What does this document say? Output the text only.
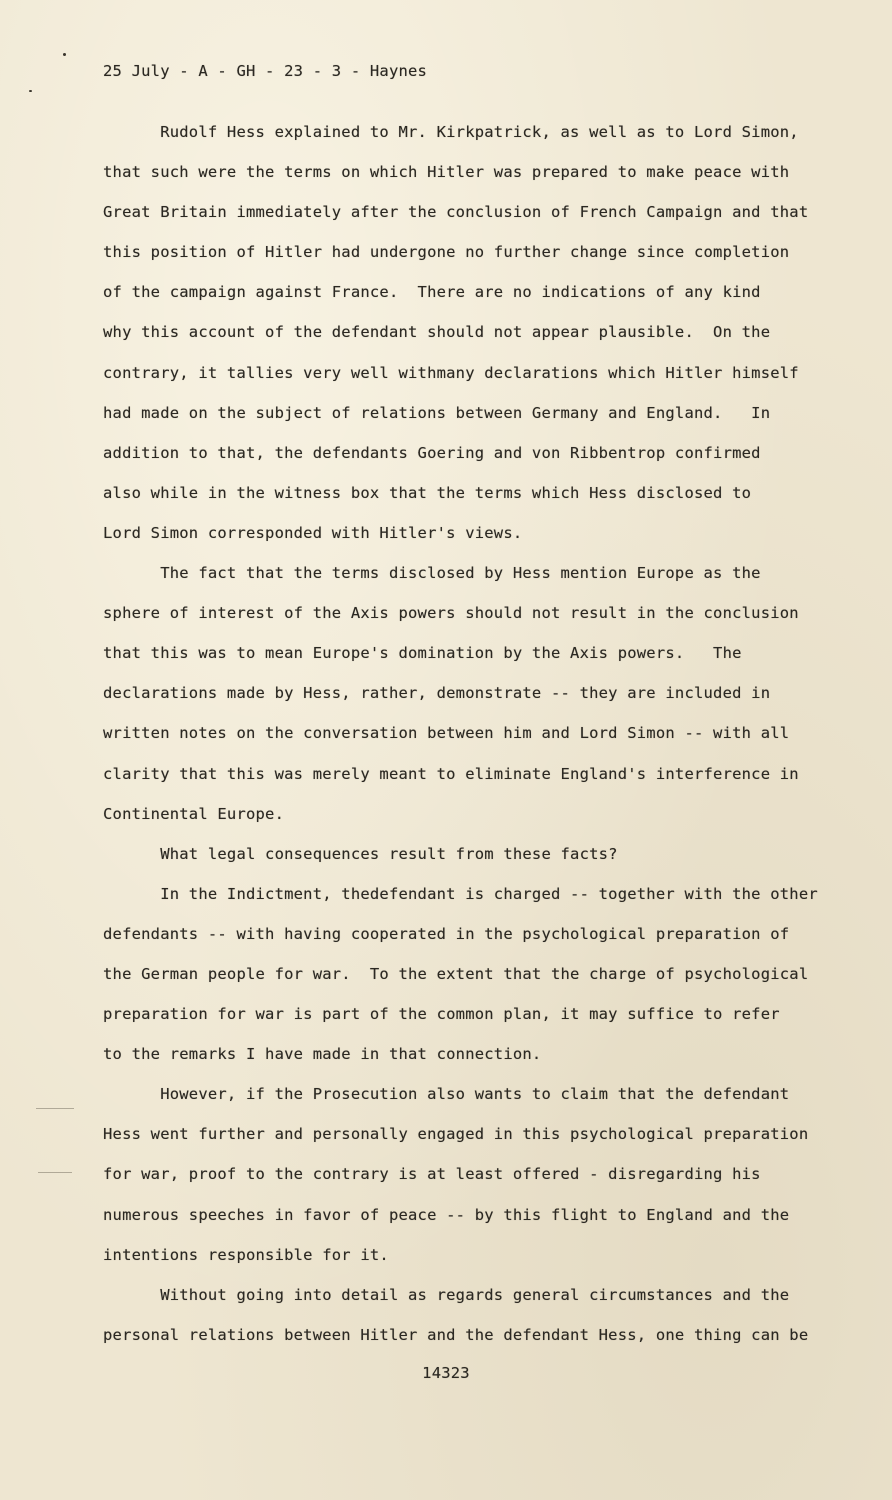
25 July - A - GH - 23 - 3 - Haynes
Rudolf Hess explained to Mr. Kirkpatrick, as well as to Lord Simon,
that such were the terms on which Hitler was prepared to make peace with
Great Britain immediately after the conclusion of French Campaign and that
this position of Hitler had undergone no further change since completion
of the campaign against France.  There are no indications of any kind
why this account of the defendant should not appear plausible.  On the
contrary, it tallies very well withmany declarations which Hitler himself
had made on the subject of relations between Germany and England.   In
addition to that, the defendants Goering and von Ribbentrop confirmed
also while in the witness box that the terms which Hess disclosed to
Lord Simon corresponded with Hitler's views.
The fact that the terms disclosed by Hess mention Europe as the
sphere of interest of the Axis powers should not result in the conclusion
that this was to mean Europe's domination by the Axis powers.   The
declarations made by Hess, rather, demonstrate -- they are included in
written notes on the conversation between him and Lord Simon -- with all
clarity that this was merely meant to eliminate England's interference in
Continental Europe.
What legal consequences result from these facts?
In the Indictment, thedefendant is charged -- together with the other
defendants -- with having cooperated in the psychological preparation of
the German people for war.  To the extent that the charge of psychological
preparation for war is part of the common plan, it may suffice to refer
to the remarks I have made in that connection.
However, if the Prosecution also wants to claim that the defendant
Hess went further and personally engaged in this psychological preparation
for war, proof to the contrary is at least offered - disregarding his
numerous speeches in favor of peace -- by this flight to England and the
intentions responsible for it.
Without going into detail as regards general circumstances and the
personal relations between Hitler and the defendant Hess, one thing can be
14323
